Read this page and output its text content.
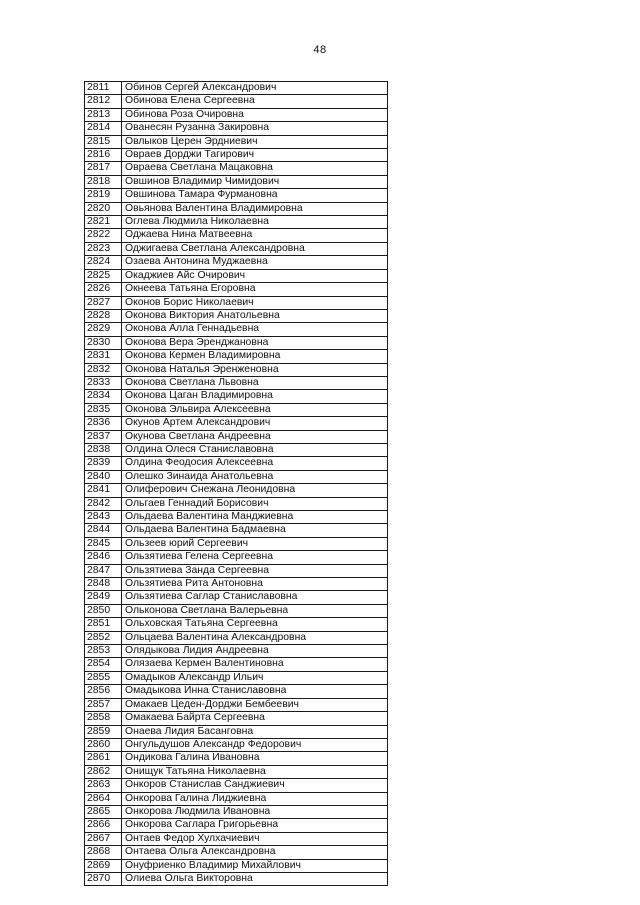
48
2811	Обинов Сергей Александрович
2812	Обинова Елена Сергеевна
2813	Обинова Роза Очировна
2814	Ованесян Рузанна Закировна
2815	Овлыков Церен Эрдниевич
2816	Овраев Дорджи Тагирович
2817	Овраева Светлана Мацаковна
2818	Овшинов Владимир Чимидович
2819	Овшинова Тамара Фурмановна
2820	Овьянова Валентина Владимировна
2821	Оглева Людмила Николаевна
2822	Оджаева Нина Матвеевна
2823	Оджигаева Светлана Александровна
2824	Озаева Антонина Муджаевна
2825	Окаджиев Айс Очирович
2826	Окнеева Татьяна Егоровна
2827	Оконов Борис Николаевич
2828	Оконова Виктория Анатольевна
2829	Оконова Алла Геннадьевна
2830	Оконова Вера Эренджановна
2831	Оконова Кермен Владимировна
2832	Оконова Наталья Эренженовна
2833	Оконова Светлана Львовна
2834	Оконова Цаган Владимировна
2835	Оконова Эльвира Алексеевна
2836	Окунов Артем Александрович
2837	Окунова Светлана Андреевна
2838	Олдина Олеся Станиславовна
2839	Олдина Феодосия Алексеевна
2840	Олешко Зинаида Анатольевна
2841	Олиферович Снежана Леонидовна
2842	Ольгаев Геннадий Борисович
2843	Ольдаева Валентина Манджиевна
2844	Ольдаева Валентина Бадмаевна
2845	Ользеев юрий Сергеевич
2846	Ользятиева Гелена Сергеевна
2847	Ользятиева Занда Сергеевна
2848	Ользятиева Рита Антоновна
2849	Ользятиева Саглар Станиславовна
2850	Ольконова Светлана Валерьевна
2851	Ольховская Татьяна Сергеевна
2852	Ольцаева Валентина Александровна
2853	Олядыкова Лидия Андреевна
2854	Олязаева Кермен Валентиновна
2855	Омадыков Александр Ильич
2856	Омадыкова Инна Станиславовна
2857	Омакаев Цеден-Дорджи Бембеевич
2858	Омакаева Байрта Сергеевна
2859	Онаева Лидия Басанговна
2860	Онгульдушов Александр Федорович
2861	Ондикова Галина Ивановна
2862	Онищук Татьяна Николаевна
2863	Онкоров Станислав Санджиевич
2864	Онкорова Галина Лиджиевна
2865	Онкорова Людмила Ивановна
2866	Онкорова Саглара Григорьевна
2867	Онтаев Федор Хулхачиевич
2868	Онтаева Ольга Александровна
2869	Онуфриенко Владимир Михайлович
2870	Олиева Ольга Викторовна
